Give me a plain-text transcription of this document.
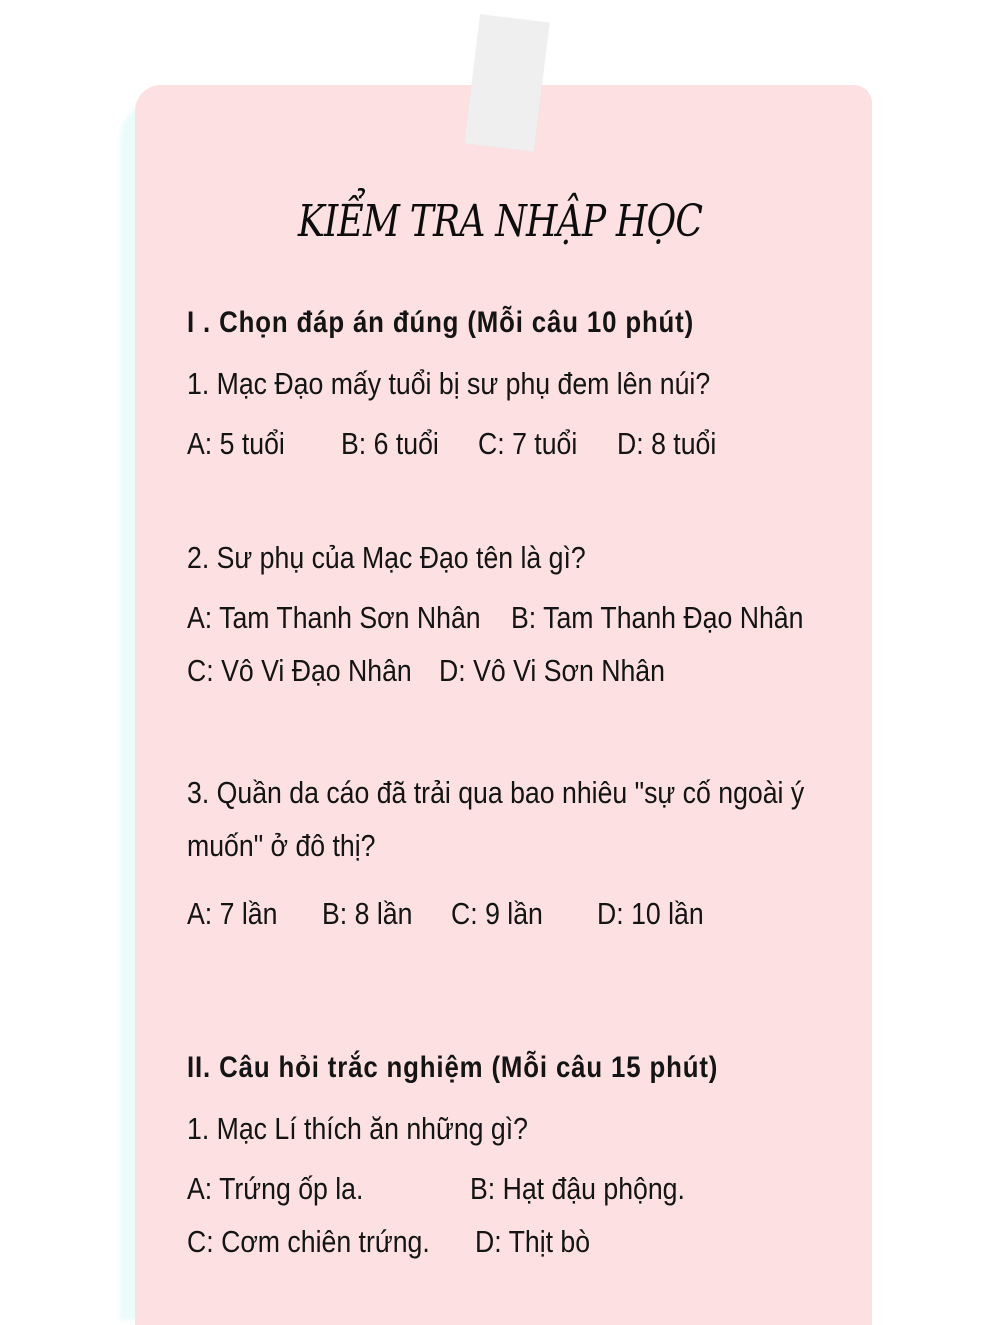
KIỂM TRA NHẬP HỌC
I . Chọn đáp án đúng (Mỗi câu 10 phút)
1. Mạc Đạo mấy tuổi bị sư phụ đem lên núi?
A: 5 tuổi B: 6 tuổi C: 7 tuổi D: 8 tuổi
2. Sư phụ của Mạc Đạo tên là gì?
A: Tam Thanh Sơn Nhân B: Tam Thanh Đạo Nhân
C: Vô Vi Đạo Nhân D: Vô Vi Sơn Nhân
3. Quần da cáo đã trải qua bao nhiêu "sự cố ngoài ý
muốn" ở đô thị?
A: 7 lần B: 8 lần C: 9 lần D: 10 lần
II. Câu hỏi trắc nghiệm (Mỗi câu 15 phút)
1. Mạc Lí thích ăn những gì?
A: Trứng ốp la.	B: Hạt đậu phộng.
C: Cơm chiên trứng. D: Thịt bò
